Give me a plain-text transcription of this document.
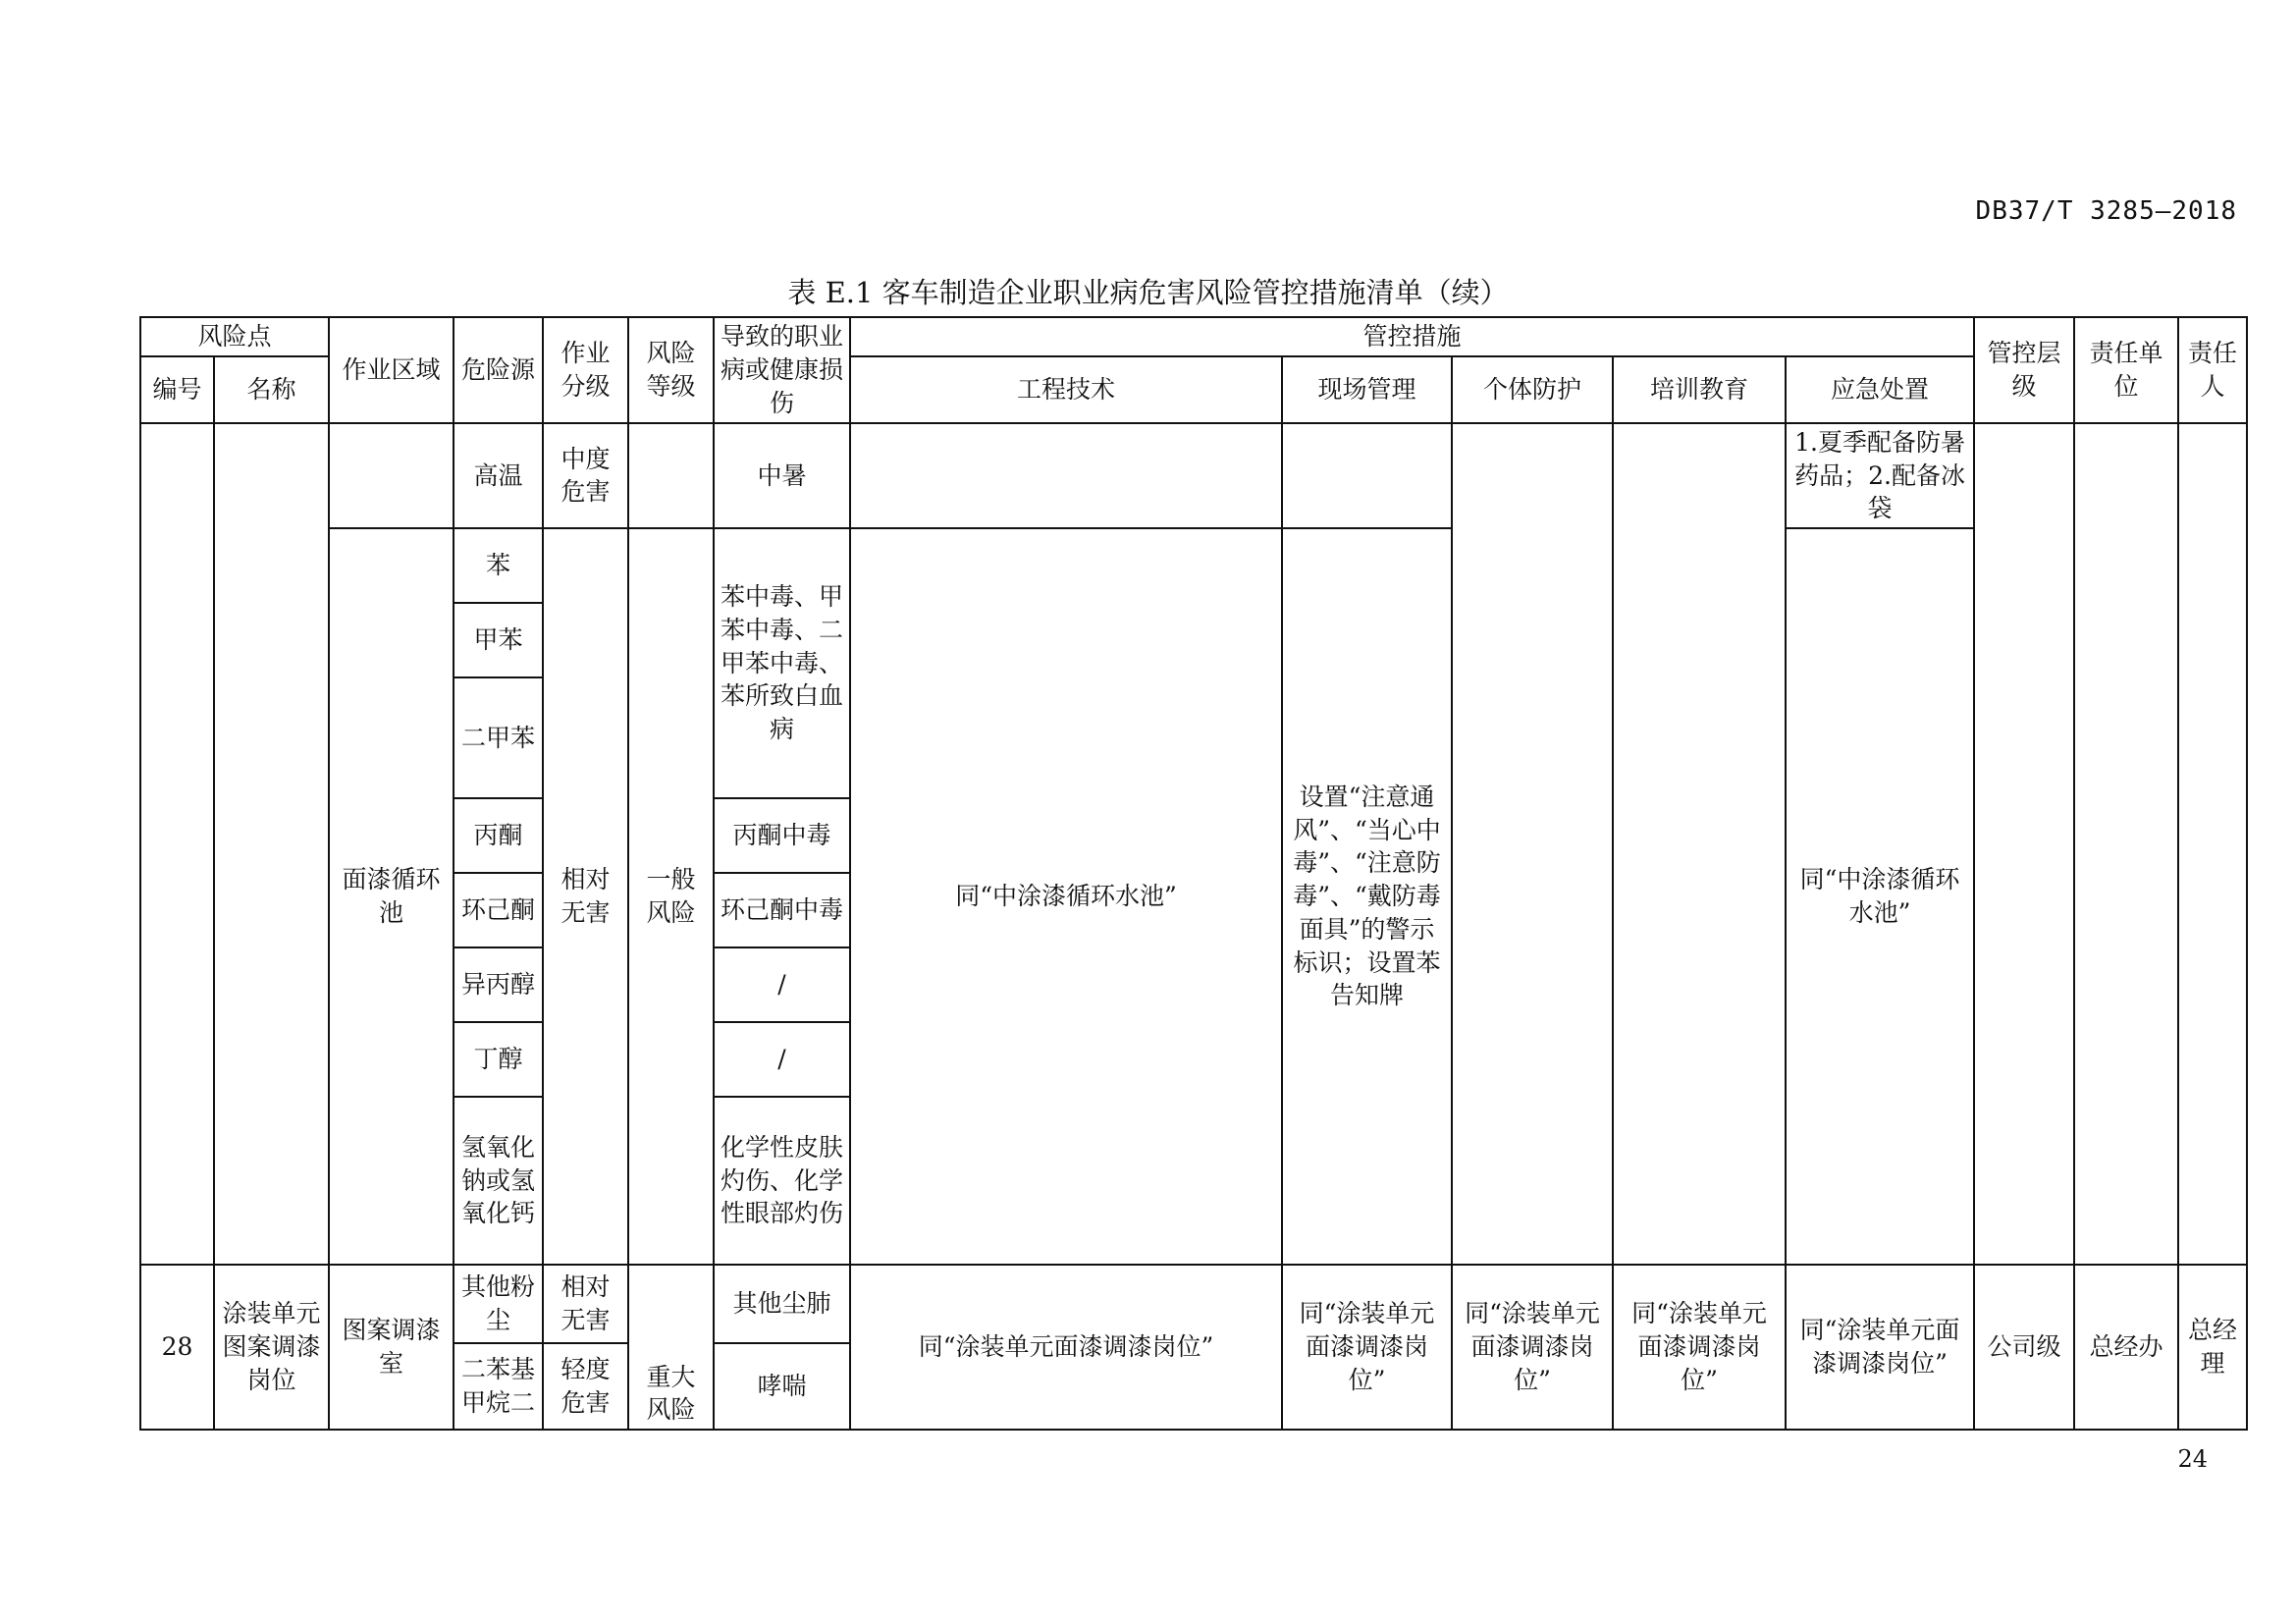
DB37/T 3285—2018
表 E.1 客车制造企业职业病危害风险管控措施清单（续）
风险点		作业区域	危险源	作业分级	风险等级	导致的职业病或健康损伤	管控措施					管控层级	责任单位	责任人
编号	名称						工程技术	现场管理	个体防护	培训教育	应急处置			
			高温	中度危害		中暑					1.夏季配备防暑药品；2.配备冰袋			
		面漆循环池	苯	相对无害	一般风险	苯中毒、甲苯中毒、二甲苯中毒、苯所致白血病	同“中涂漆循环水池”	设置“注意通风”、“当心中毒”、“注意防毒”、“戴防毒面具”的警示标识；设置苯告知牌			同“中涂漆循环水池”			
			甲苯											
			二甲苯											
			丙酮			丙酮中毒								
			环己酮			环己酮中毒								
			异丙醇			/								
			丁醇			/								
			氢氧化钠或氢氧化钙			化学性皮肤灼伤、化学性眼部灼伤								
28	涂装单元图案调漆岗位	图案调漆室	其他粉尘	相对无害	重大风险	其他尘肺	同“涂装单元面漆调漆岗位”	同“涂装单元面漆调漆岗位”	同“涂装单元面漆调漆岗位”	同“涂装单元面漆调漆岗位”	同“涂装单元面漆调漆岗位”	公司级	总经办	总经理
			二苯基甲烷二	轻度危害		哮喘								
24
